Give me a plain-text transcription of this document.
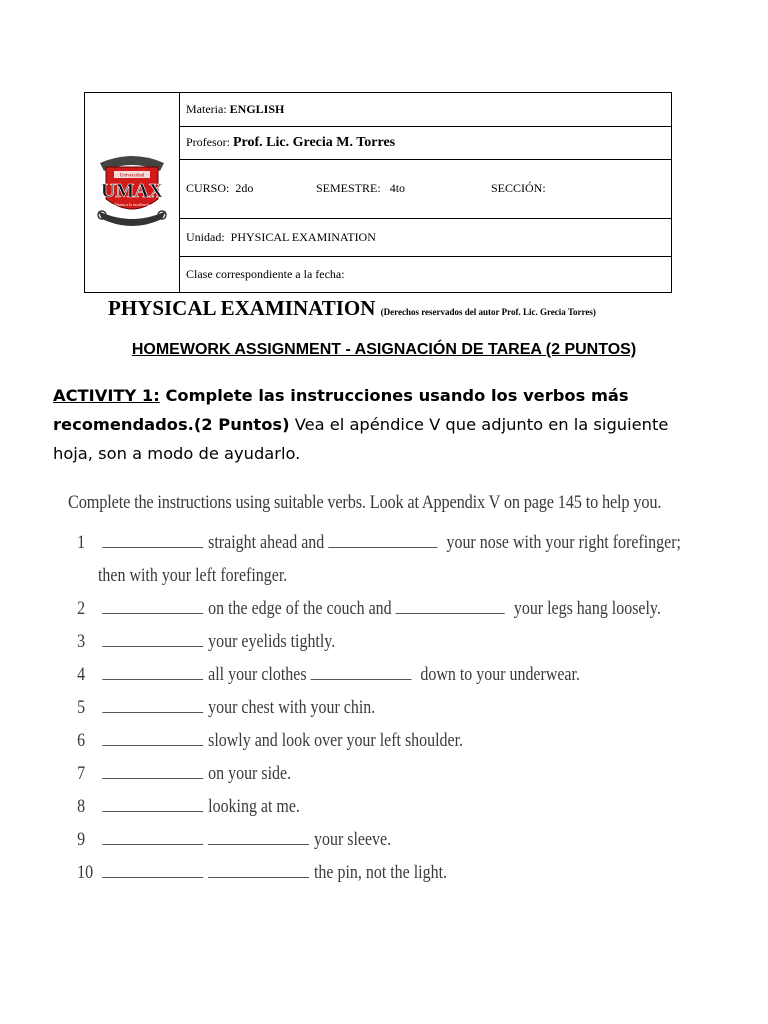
Universidad
UMAX
Manos a la excelencia
	Materia: ENGLISH
Profesor: Prof. Lic. Grecia M. Torres
CURSO: 2do	SEMESTRE: 4to	SECCIÓN:
Unidad: PHYSICAL EXAMINATION
Clase correspondiente a la fecha:
PHYSICAL EXAMINATION (Derechos reservados del autor Prof. Lic. Grecia Torres)
HOMEWORK ASSIGNMENT - ASIGNACIÓN DE TAREA (2 PUNTOS)
ACTIVITY 1: Complete las instrucciones usando los verbos más recomendados.(2 Puntos) Vea el apéndice V que adjunto en la siguiente hoja, son a modo de ayudarlo.
Complete the instructions using suitable verbs. Look at Appendix V on page 145 to help you.
1	straight ahead and	your nose with your right forefinger;
then with your left forefinger.
2	on the edge of the couch and	your legs hang loosely.
3	your eyelids tightly.
4	all your clothes	down to your underwear.
5	your chest with your chin.
6	slowly and look over your left shoulder.
7	on your side.
8	looking at me.
9	your sleeve.
10	the pin, not the light.
